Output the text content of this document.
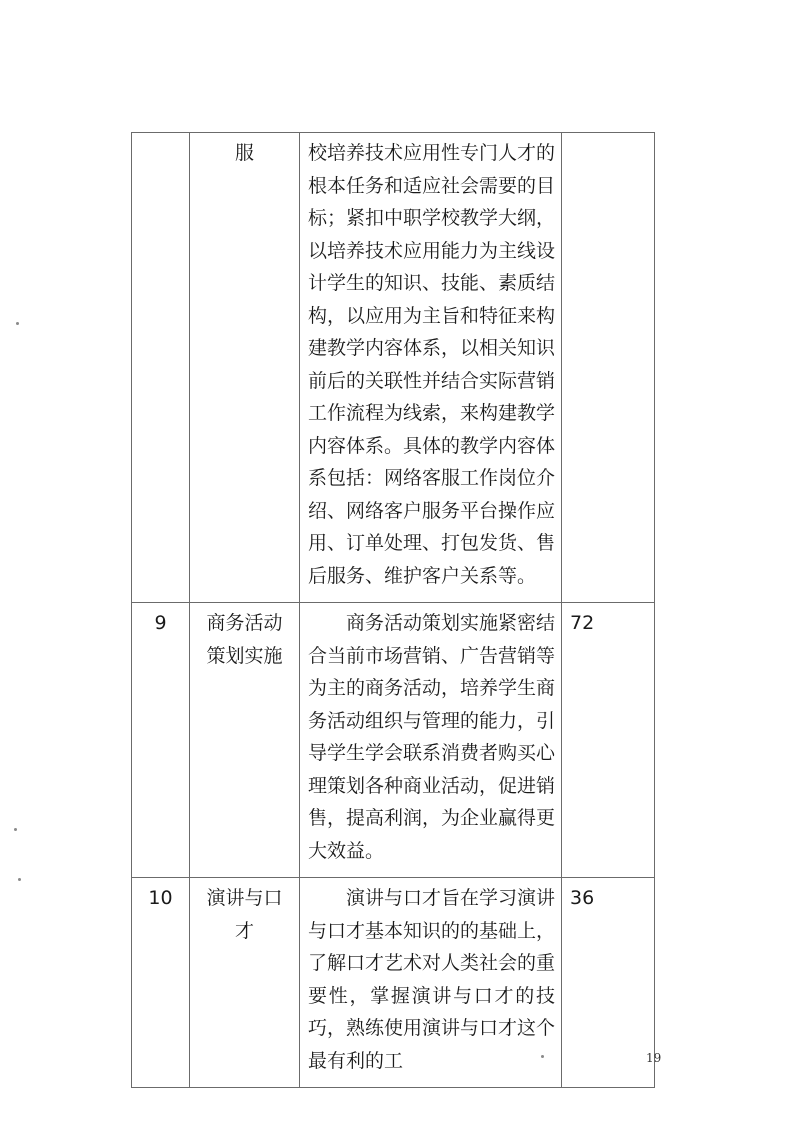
	服	校培养技术应用性专门人才的根本任务和适应社会需要的目标；紧扣中职学校教学大纲，以培养技术应用能力为主线设计学生的知识、技能、素质结构，以应用为主旨和特征来构建教学内容体系，以相关知识前后的关联性并结合实际营销工作流程为线索，来构建教学内容体系。具体的教学内容体系包括：网络客服工作岗位介绍、网络客户服务平台操作应用、订单处理、打包发货、售后服务、维护客户关系等。	
9	商务活动策划实施	商务活动策划实施紧密结合当前市场营销、广告营销等为主的商务活动，培养学生商务活动组织与管理的能力，引导学生学会联系消费者购买心理策划各种商业活动，促进销售，提高利润，为企业赢得更大效益。	72
10	演讲与口才	演讲与口才旨在学习演讲与口才基本知识的的基础上，了解口才艺术对人类社会的重要性，掌握演讲与口才的技巧，熟练使用演讲与口才这个最有利的工	36
19
